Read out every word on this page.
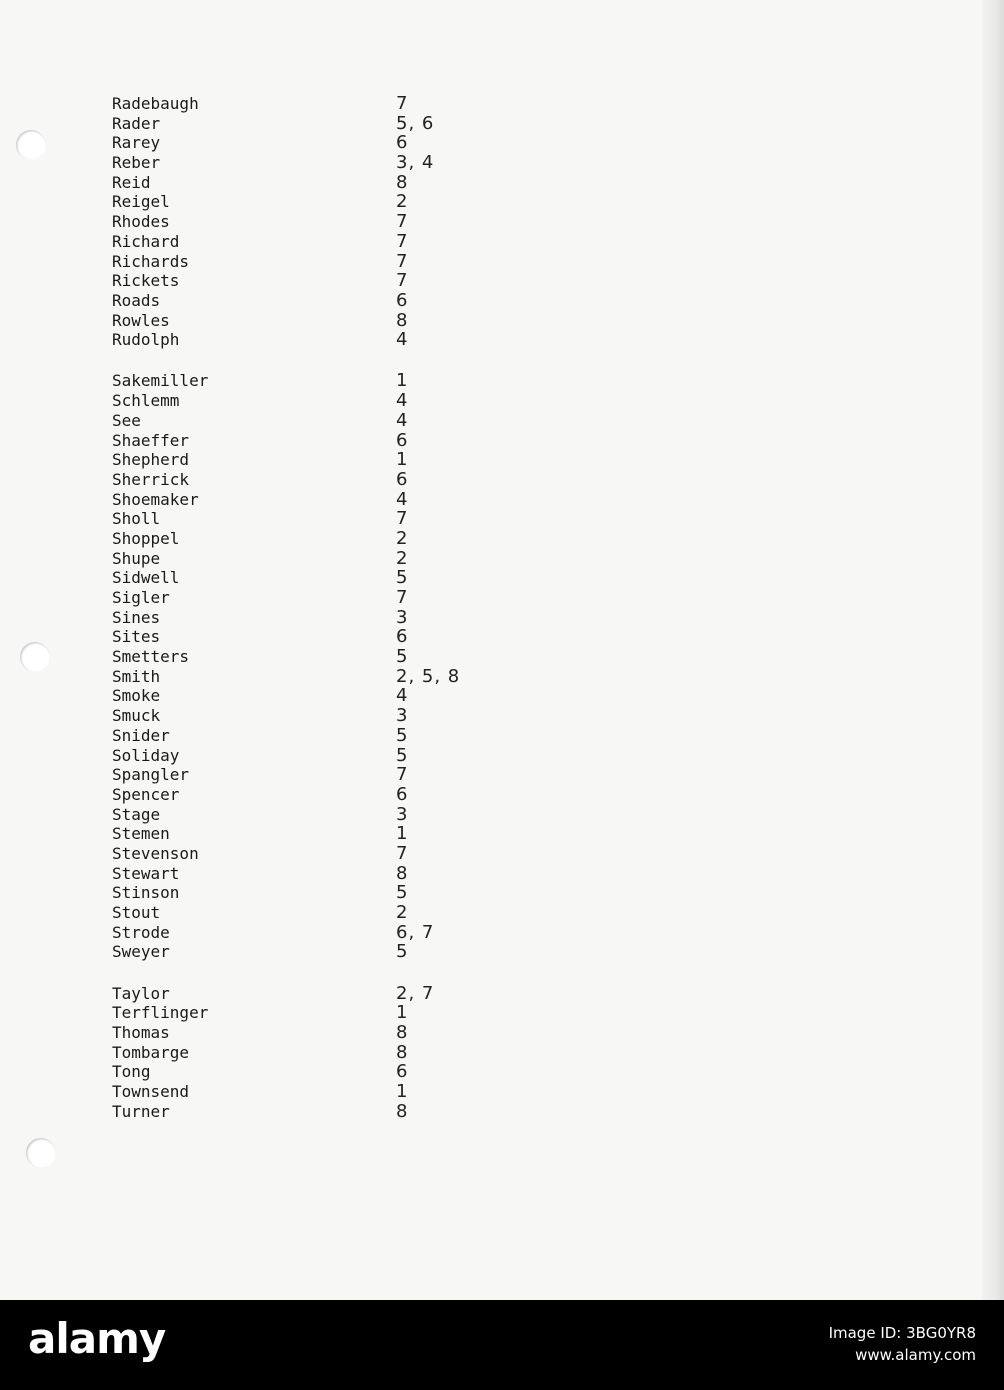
Radebaugh	7
Rader	5, 6
Rarey	6
Reber	3, 4
Reid	8
Reigel	2
Rhodes	7
Richard	7
Richards	7
Rickets	7
Roads	6
Rowles	8
Rudolph	4
Sakemiller	1
Schlemm	4
See	4
Shaeffer	6
Shepherd	1
Sherrick	6
Shoemaker	4
Sholl	7
Shoppel	2
Shupe	2
Sidwell	5
Sigler	7
Sines	3
Sites	6
Smetters	5
Smith	2, 5, 8
Smoke	4
Smuck	3
Snider	5
Soliday	5
Spangler	7
Spencer	6
Stage	3
Stemen	1
Stevenson	7
Stewart	8
Stinson	5
Stout	2
Strode	6, 7
Sweyer	5
Taylor	2, 7
Terflinger	1
Thomas	8
Tombarge	8
Tong	6
Townsend	1
Turner	8
alamy	Image ID: 3BG0YR8
www.alamy.com
